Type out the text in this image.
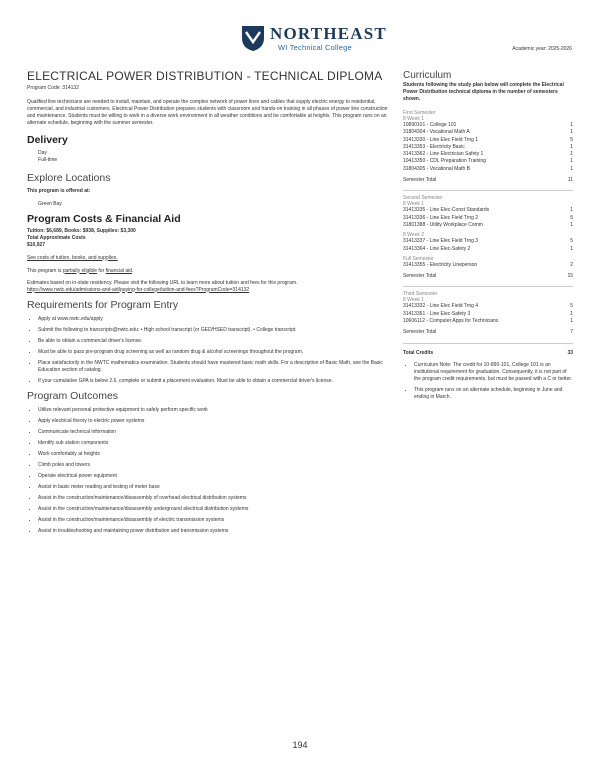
NORTHEAST
WI Technical College	Academic year: 2025-2026
ELECTRICAL POWER DISTRIBUTION - TECHNICAL DIPLOMA
Program Code: 314132
Qualified line technicians are needed to install, maintain, and operate the complex network of power lines and cables that supply electric energy to residential, commercial, and industrial customers. Electrical Power Distribution prepares students with classroom and hands-on training in all phases of power line construction and maintenance. Students must be willing to work in a diverse work environment in all weather conditions and be comfortable at heights. This program runs on an alternate schedule, beginning with the summer semester.
Delivery
Day
Full-time
Explore Locations
This program is offered at:
Green Bay
Program Costs & Financial Aid
Tuition: $6,689, Books: $938, Supplies: $3,300
Total Approximate Costs
$10,927
See costs of tuition, books, and supplies.
This program is partially eligible for financial aid.
Estimates based on in-state residency. Please visit the following URL to learn more about tuition and fees for this program.
https://www.nwtc.edu/admissions-and-aid/paying-for-college/tuition-and-fees?ProgramCode=314132
Requirements for Program Entry
• Apply at www.nwtc.edu/apply
• Submit the following to transcripts@nwtc.edu: • High school transcript (or GED/HSED transcript). • College transcript.
• Be able to obtain a commercial driver's license.
• Must be able to pass pre-program drug screening as well as random drug & alcohol screenings throughout the program.
• Place satisfactorily in the NWTC mathematics examination. Students should have mastered basic math skills. For a description of Basic Math, see the Basic Education section of catalog.
• If your cumulative GPA is below 2.6, complete or submit a placement evaluation. Must be able to obtain a commercial driver's license.
Program Outcomes
• Utilize relevant personal protective equipment to safely perform specific work
• Apply electrical theory to electric power systems
• Communicate technical information
• Identify sub station components
• Work comfortably at heights
• Climb poles and towers
• Operate electrical power equipment
• Assist in basic meter reading and testing of meter base
• Assist in the construction/maintenance/disassembly of overhead electrical distribution systems
• Assist in the construction/maintenance/disassembly underground electrical distribution systems
• Assist in the construction/maintenance/disassembly of electric transmission systems
• Assist in troubleshooting and maintaining power distribution and transmission systems
Curriculum
Students following the study plan below will complete the Electrical Power Distribution technical diploma in the number of semesters shown.
First Semester
8 Week 1
10890101 - College 101	1
31804304 - Vocational Math A	1
31413330 - Line Elec Field Trng 1	5
31413353 - Electricity Basic	1
31413362 - Line Electrician Safety 1	1
10413350 - CDL Preparation Training	1
31804305 - Vocational Math B	1
Semester Total	11
Second Semester
8 Week 1
31413335 - Line Elec-Const Standards	1
31413336 - Line Elec Field Trng 2	5
31801388 - Utility Workplace Comm	1
8 Week 2
31413337 - Line Elec Field Trng 3	5
31413364 - Line Elec-Safety 2	1
Full Semester
31413355 - Electricity Lineperson	2
Semester Total	15
Third Semester
8 Week 1
31413332 - Line Elec Field Trng 4	5
31413361 - Line Elec-Safety 3	1
10606112 - Computer Apps for Technicians	1
Semester Total	7
Total Credits	33
• Curriculum Note: The credit for 10-890-101, College 101 is an institutional requirement for graduation. Consequently, it is not part of the program credit requirements, but must be passed with a C or better.
• This program runs on an alternate schedule, beginning in June and ending in March.
194
